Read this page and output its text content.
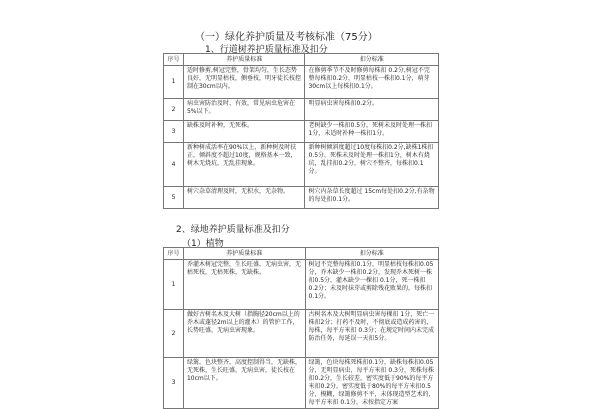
（一）绿化养护质量及考核标准（75分）
1、行道树养护质量标准及扣分
序号	养护质量标准	扣分标准
1	适时修剪,树冠完整，骨架均匀，生长态势良好，无明显枯枝，侧垂枝，明牙徒长枝控制在30cm以内。	在修剪季节不及时修剪每株扣 0.2分,树冠不完整每株扣0.2分，明显枯枝一株扣0.1分，萌芽30cm以上每株扣0.1分。
2	病虫害防治及时、有效，常见病虫危害在5%以下。	明显病虫害每株扣0.2分。
3	缺株及时补种，无死株。	老树缺少一株扣0.5分，死树未及时处理一株扣1分，未适时补种一株扣1分。
4	新种树成活率在90%以上，新种树及时扶正，倾斜度不超过10度，规格基本一致，树木无烧坑，无乱挂现象。	新种树倾斜度超过10度每株扣0.2分,缺株1株扣0.5分，死株未及时处理一株扣1分，树木有烧坑，乱挂扣0.2分，树穴不整齐，每株扣0.1分。
5	树穴杂草清理及时，无积水，无杂物。	树穴内杂草长度超过 15cm每处扣0.2分,有杂物的每处扣0.1分。
2、绿地养护质量标准及扣分
（1）植物
序号	养护质量标准	扣分标准
1	乔灌木树冠完整，生长旺盛，无病虫害，无枯死枝，无枯死株，无缺株。	树冠不完整每株扣0.1分，明显枯枝每株扣0.05分，乔木缺少一株扣0.2分，发现乔木死树一株扣0.5分，灌木缺少一棵扣 0.1分，死一株扣0.2分；未及时抹芽或剪除残花败果的，每株扣0.1分。
2	做好古树名木及大树（指胸径20cm以上的乔木或蓬径2m以上的灌木）的管护工作，长势旺盛，无病虫害现象。	古树名木及大树明显病虫害每棵扣 1分，死亡一株扣2分；打药不及时，不彻底或造成药害的，每株，每平方米扣 0.3分；在规定时间内未完成防治任务，每延误一天扣5分。
3	绿篱，色块整齐，高度控制得当，无缺株，无死株，生长旺盛，无病虫害，徒长枝在10cm以下。	绿篱，色块每株死株扣0.1分，缺株每株扣0.05分，无明显病虫，每平方米扣 0.3分，死株每株扣0.2分，生长较差，密实度低于90%的每平方米扣0.2分，密实度低于80%的每平方米扣0.5分，模糊，绿篱修剪不平，未体现造型艺术的，每平方米扣 0.1分，未按指定方案
